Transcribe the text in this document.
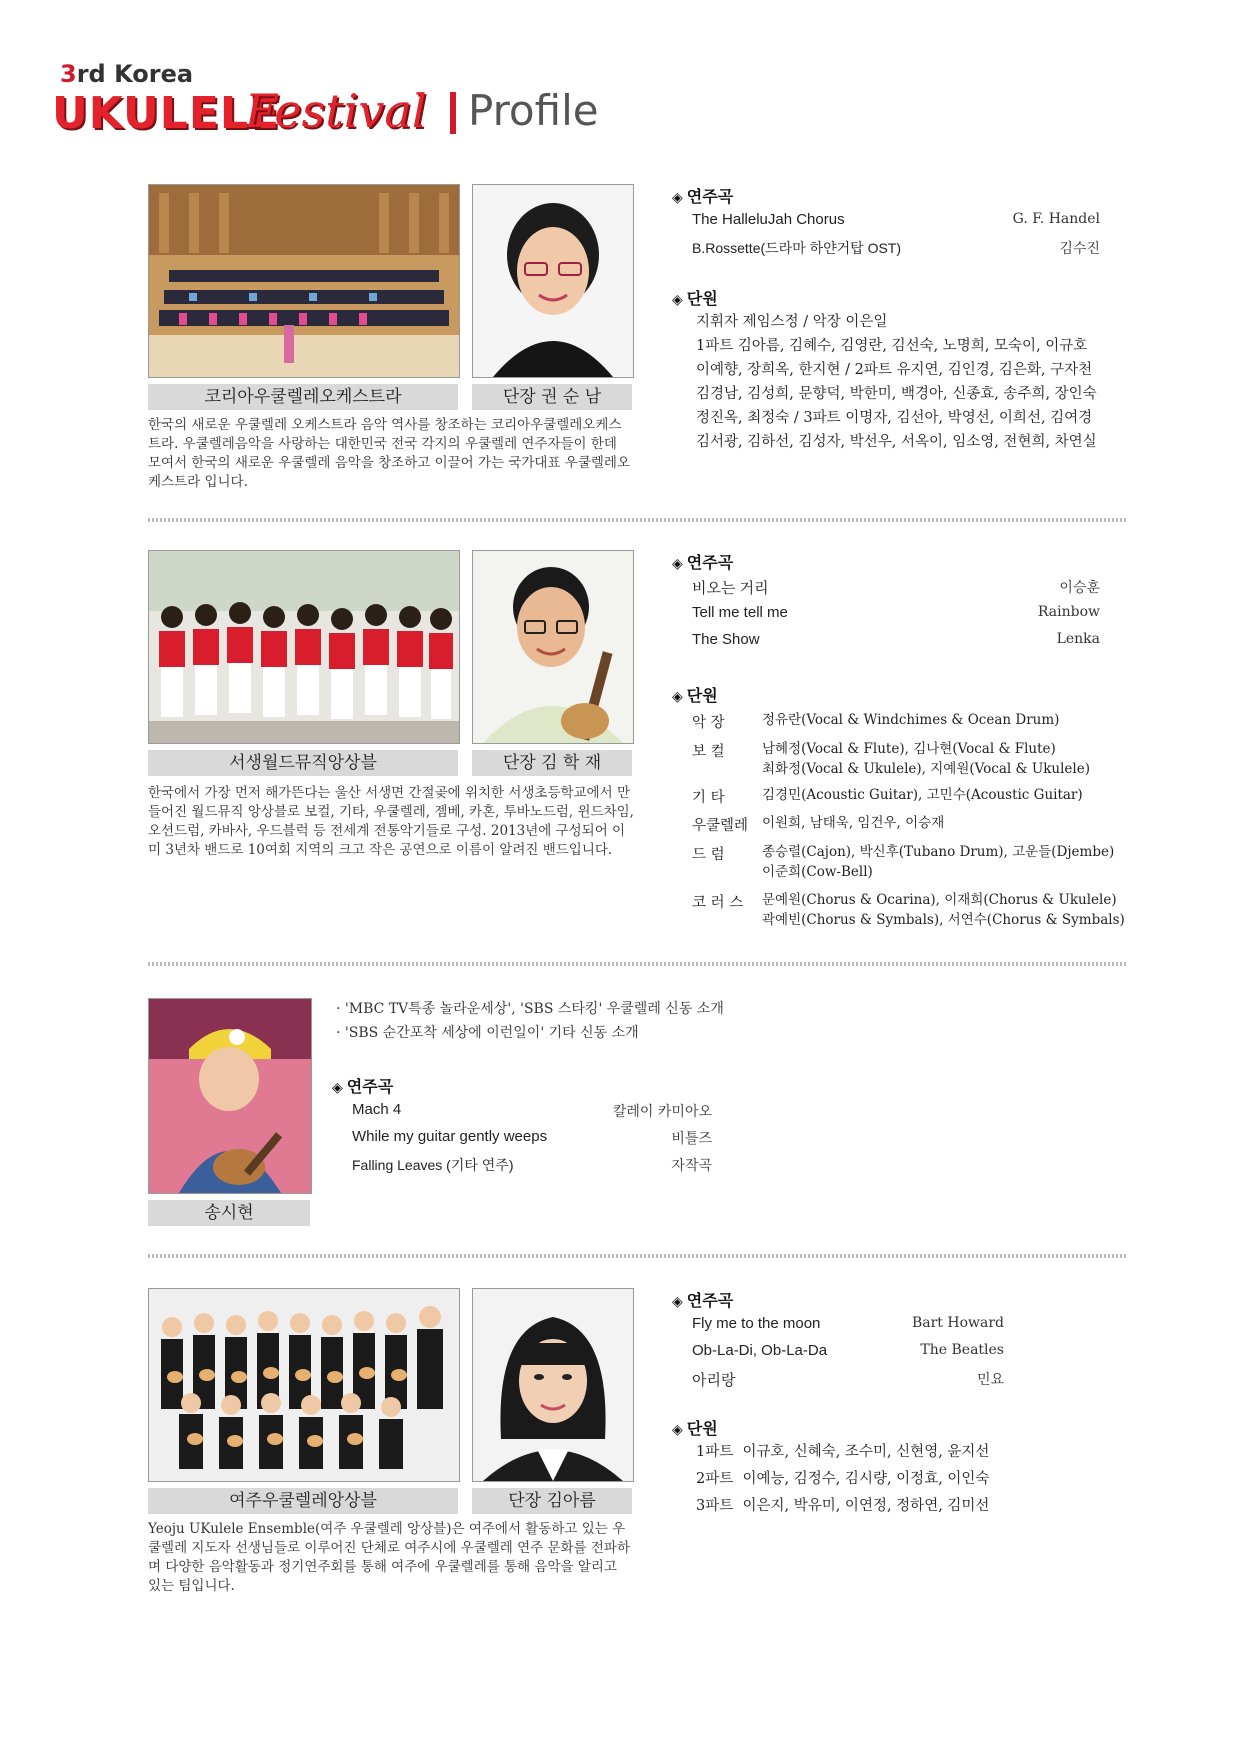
3rd Korea
UKULELE
Festival Profile
코리아우쿨렐레오케스트라	단장 권 순 남
한국의 새로운 우쿨렐레 오케스트라 음악 역사를 창조하는 코리아우쿨렐레오케스트라. 우쿨렐레음악을 사랑하는 대한민국 전국 각지의 우쿨렐레 연주자들이 한데 모여서 한국의 새로운 우쿨렐레 음악을 창조하고 이끌어 가는 국가대표 우쿨렐레오케스트라 입니다.
◈ 연주곡
The HalleluJah Chorus	G. F. Handel
B.Rossette(드라마 하얀거탑 OST)	김수진
◈ 단원
지휘자 제임스정 / 악장 이은일
1파트 김아름, 김혜수, 김영란, 김선숙, 노명희, 모숙이, 이규호
이예향, 장희옥, 한지현 / 2파트 유지연, 김인경, 김은화, 구자천
김경남, 김성희, 문향덕, 박한미, 백경아, 신종효, 송주희, 장인숙
정진옥, 최정숙 / 3파트 이명자, 김선아, 박영선, 이희선, 김여경
김서광, 김하선, 김성자, 박선우, 서옥이, 임소영, 전현희, 차연실
서생월드뮤직앙상블	단장 김 학 재
한국에서 가장 먼저 해가뜬다는 울산 서생면 간절곶에 위치한 서생초등학교에서 만들어진 월드뮤직 앙상블로 보컬, 기타, 우쿨렐레, 젬베, 카혼, 투바노드럼, 윈드차임, 오션드럼, 카바사, 우드블럭 등 전세계 전통악기들로 구성. 2013년에 구성되어 이미 3년차 밴드로 10여회 지역의 크고 작은 공연으로 이름이 알려진 밴드입니다.
◈ 연주곡
비오는 거리	이승훈
Tell me tell me	Rainbow
The Show	Lenka
◈ 단원
악 장	정유란(Vocal & Windchimes & Ocean Drum)
보 컬	남혜정(Vocal & Flute), 김나현(Vocal & Flute)
최화정(Vocal & Ukulele), 지예원(Vocal & Ukulele)
기 타	김경민(Acoustic Guitar), 고민수(Acoustic Guitar)
우쿨렐레 이원희, 남태욱, 임건우, 이승재
드 럼	종승렬(Cajon), 박신후(Tubano Drum), 고운들(Djembe)
이준희(Cow-Bell)
코 러 스 문예원(Chorus & Ocarina), 이재희(Chorus & Ukulele)
곽예빈(Chorus & Symbals), 서연수(Chorus & Symbals)
송시현
· 'MBC TV특종 놀라운세상', 'SBS 스타킹' 우쿨렐레 신동 소개
· 'SBS 순간포착 세상에 이런일이' 기타 신동 소개
◈ 연주곡
Mach 4	칼레이 카미아오
While my guitar gently weeps	비틀즈
Falling Leaves (기타 연주)	자작곡
여주우쿨렐레앙상블	단장 김아름
Yeoju UKulele Ensemble(여주 우쿨렐레 앙상블)은 여주에서 활동하고 있는 우쿨렐레 지도자 선생님들로 이루어진 단체로 여주시에 우쿨렐레 연주 문화를 전파하며 다양한 음악활동과 정기연주회를 통해 여주에 우쿨렐레를 통해 음악을 알리고 있는 팀입니다.
◈ 연주곡
Fly me to the moon	Bart Howard
Ob-La-Di, Ob-La-Da	The Beatles
아리랑	민요
◈ 단원
1파트  이규호, 신혜숙, 조수미, 신현영, 윤지선
2파트  이예능, 김정수, 김시량, 이정효, 이인숙
3파트  이은지, 박유미, 이연정, 정하연, 김미선
